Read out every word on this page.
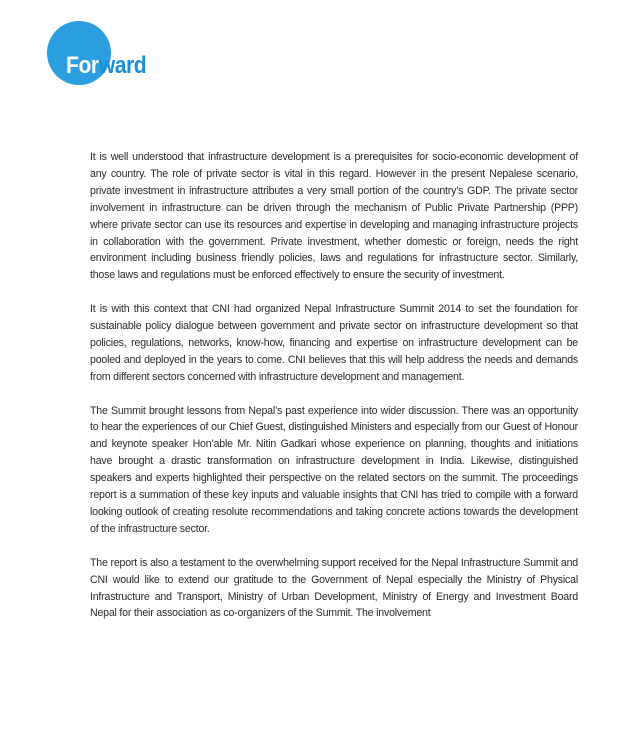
Forward

It is well understood that infrastructure development is a prerequisites for socio-economic development of any country. The role of private sector is vital in this regard. However in the present Nepalese scenario, private investment in infrastructure attributes a very small portion of the country’s GDP. The private sector involvement in infrastructure can be driven through the mechanism of Public Private Partnership (PPP) where private sector can use its resources and expertise in developing and managing infrastructure projects in collaboration with the government. Private investment, whether domestic or foreign, needs the right environment including business friendly policies, laws and regulations for infrastructure sector. Similarly, those laws and regulations must be enforced effectively to ensure the security of investment.

It is with this context that CNI had organized Nepal Infrastructure Summit 2014 to set the foundation for sustainable policy dialogue between government and private sector on infrastructure development so that policies, regulations, networks, know-how, financing and expertise on infrastructure development can be pooled and deployed in the years to come. CNI believes that this will help address the needs and demands from different sectors concerned with infrastructure development and management.

The Summit brought lessons from Nepal’s past experience into wider discussion. There was an opportunity to hear the experiences of our Chief Guest, distinguished Ministers and especially from our Guest of Honour and keynote speaker Hon’able Mr. Nitin Gadkari whose experience on planning, thoughts and initiations have brought a drastic transformation on infrastructure development in India. Likewise, distinguished speakers and experts highlighted their perspective on the related sectors on the summit. The proceedings report is a summation of these key inputs and valuable insights that CNI has tried to compile with a forward looking outlook of creating resolute recommendations and taking concrete actions towards the development of the infrastructure sector.

The report is also a testament to the overwhelming support received for the Nepal Infrastructure Summit and CNI would like to extend our gratitude to the Government of Nepal especially the Ministry of Physical Infrastructure and Transport, Ministry of Urban Development, Ministry of Energy and Investment Board Nepal for their association as co-organizers of the Summit. The involvement
